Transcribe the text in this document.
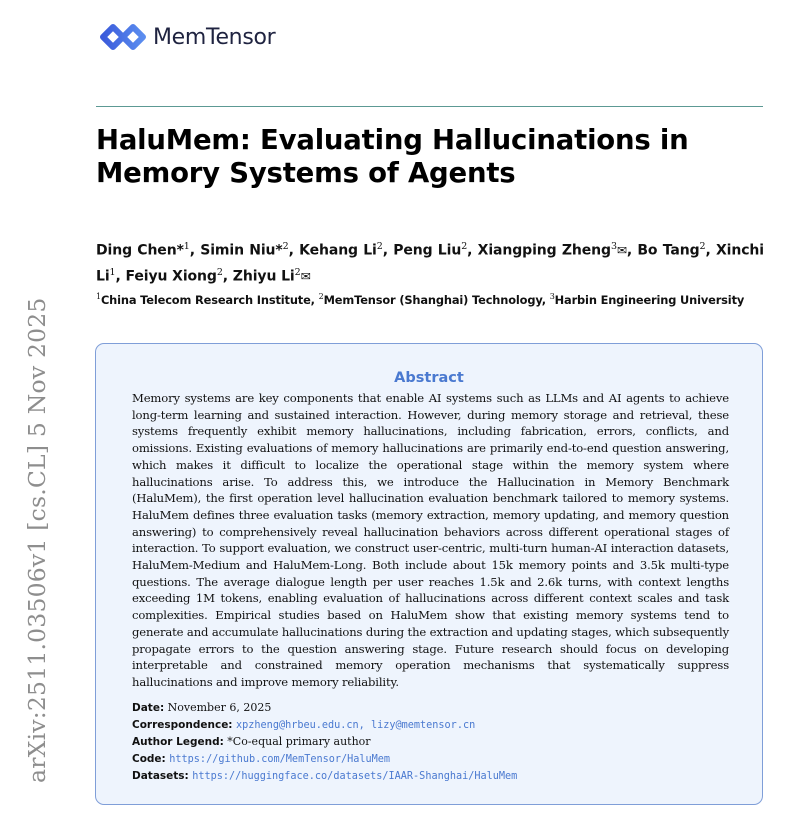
MemTensor
HaluMem: Evaluating Hallucinations in Memory Systems of Agents
Ding Chen*$^1$, Simin Niu*$^2$, Kehang Li$^2$, Peng Liu$^2$, Xiangping Zheng$^3$✉, Bo Tang$^2$, Xinchi Li$^1$, Feiyu Xiong$^2$, Zhiyu Li$^2$✉
$^1$China Telecom Research Institute, $^2$MemTensor (Shanghai) Technology, $^3$Harbin Engineering University
arXiv:2511.03506v1 [cs.CL] 5 Nov 2025	Abstract

Memory systems are key components that enable AI systems such as LLMs and AI agents to achieve long-term learning and sustained interaction. However, during memory storage and retrieval, these systems frequently exhibit memory hallucinations, including fabrication, errors, conflicts, and omissions. Existing evaluations of memory hallucinations are primarily end-to-end question answering, which makes it difficult to localize the operational stage within the memory system where hallucinations arise. To address this, we introduce the Hallucination in Memory Benchmark (HaluMem), the first operation level hallucination evaluation benchmark tailored to memory systems. HaluMem defines three evaluation tasks (memory extraction, memory updating, and memory question answering) to comprehensively reveal hallucination behaviors across different operational stages of interaction. To support evaluation, we construct user-centric, multi-turn human-AI interaction datasets, HaluMem-Medium and HaluMem-Long. Both include about 15k memory points and 3.5k multi-type questions. The average dialogue length per user reaches 1.5k and 2.6k turns, with context lengths exceeding 1M tokens, enabling evaluation of hallucinations across different context scales and task complexities. Empirical studies based on HaluMem show that existing memory systems tend to generate and accumulate hallucinations during the extraction and updating stages, which subsequently propagate errors to the question answering stage. Future research should focus on developing interpretable and constrained memory operation mechanisms that systematically suppress hallucinations and improve memory reliability.

Date: November 6, 2025
Correspondence: xpzheng@hrbeu.edu.cn, lizy@memtensor.cn
Author Legend: *Co-equal primary author
Code: https://github.com/MemTensor/HaluMem
Datasets: https://huggingface.co/datasets/IAAR-Shanghai/HaluMem
